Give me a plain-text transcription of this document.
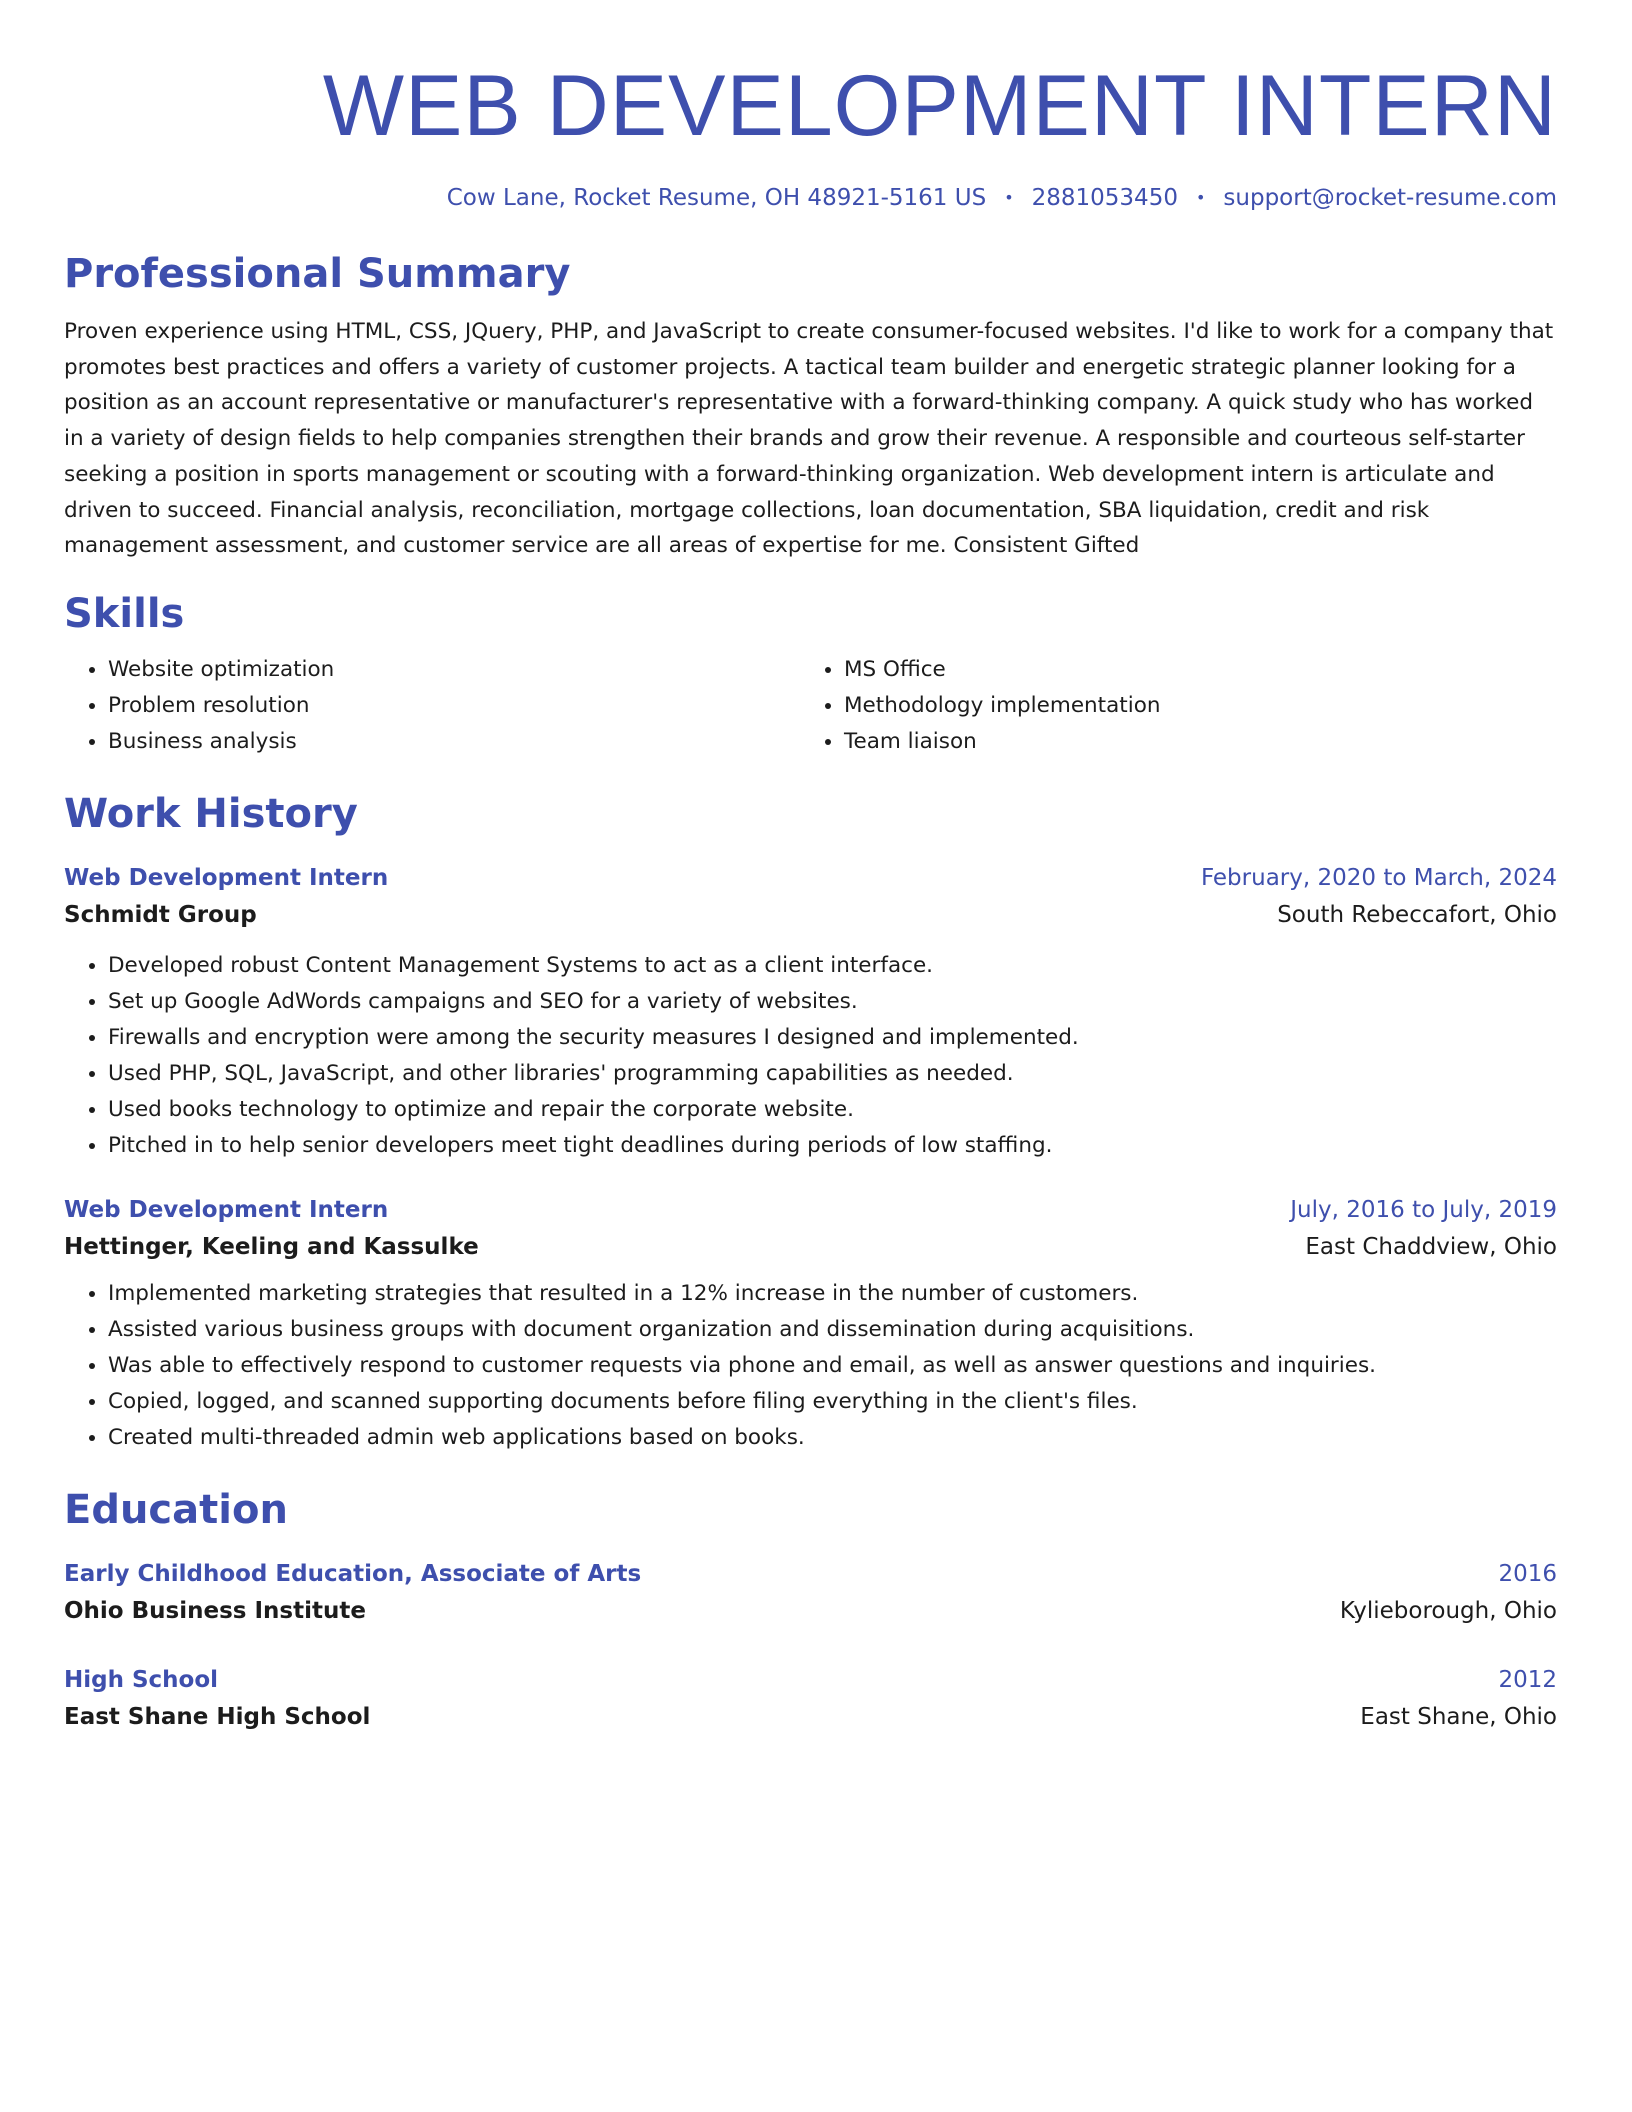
WEB DEVELOPMENT INTERN
Cow Lane, Rocket Resume, OH 48921-5161 US • 2881053450 • support@rocket-resume.com
Professional Summary
Proven experience using HTML, CSS, JQuery, PHP, and JavaScript to create consumer-focused websites. I'd like to work for a company that promotes best practices and offers a variety of customer projects. A tactical team builder and energetic strategic planner looking for a position as an account representative or manufacturer's representative with a forward-thinking company. A quick study who has worked in a variety of design fields to help companies strengthen their brands and grow their revenue. A responsible and courteous self-starter seeking a position in sports management or scouting with a forward-thinking organization. Web development intern is articulate and driven to succeed. Financial analysis, reconciliation, mortgage collections, loan documentation, SBA liquidation, credit and risk management assessment, and customer service are all areas of expertise for me. Consistent Gifted
Skills
• Website optimization
• Problem resolution
• Business analysis
• MS Office
• Methodology implementation
• Team liaison
Work History
Web Development Intern	February, 2020 to March, 2024
Schmidt Group	South Rebeccafort, Ohio
• Developed robust Content Management Systems to act as a client interface.
• Set up Google AdWords campaigns and SEO for a variety of websites.
• Firewalls and encryption were among the security measures I designed and implemented.
• Used PHP, SQL, JavaScript, and other libraries' programming capabilities as needed.
• Used books technology to optimize and repair the corporate website.
• Pitched in to help senior developers meet tight deadlines during periods of low staffing.
Web Development Intern	July, 2016 to July, 2019
Hettinger, Keeling and Kassulke	East Chaddview, Ohio
• Implemented marketing strategies that resulted in a 12% increase in the number of customers.
• Assisted various business groups with document organization and dissemination during acquisitions.
• Was able to effectively respond to customer requests via phone and email, as well as answer questions and inquiries.
• Copied, logged, and scanned supporting documents before filing everything in the client's files.
• Created multi-threaded admin web applications based on books.
Education
Early Childhood Education, Associate of Arts	2016
Ohio Business Institute	Kylieborough, Ohio
High School	2012
East Shane High School	East Shane, Ohio
